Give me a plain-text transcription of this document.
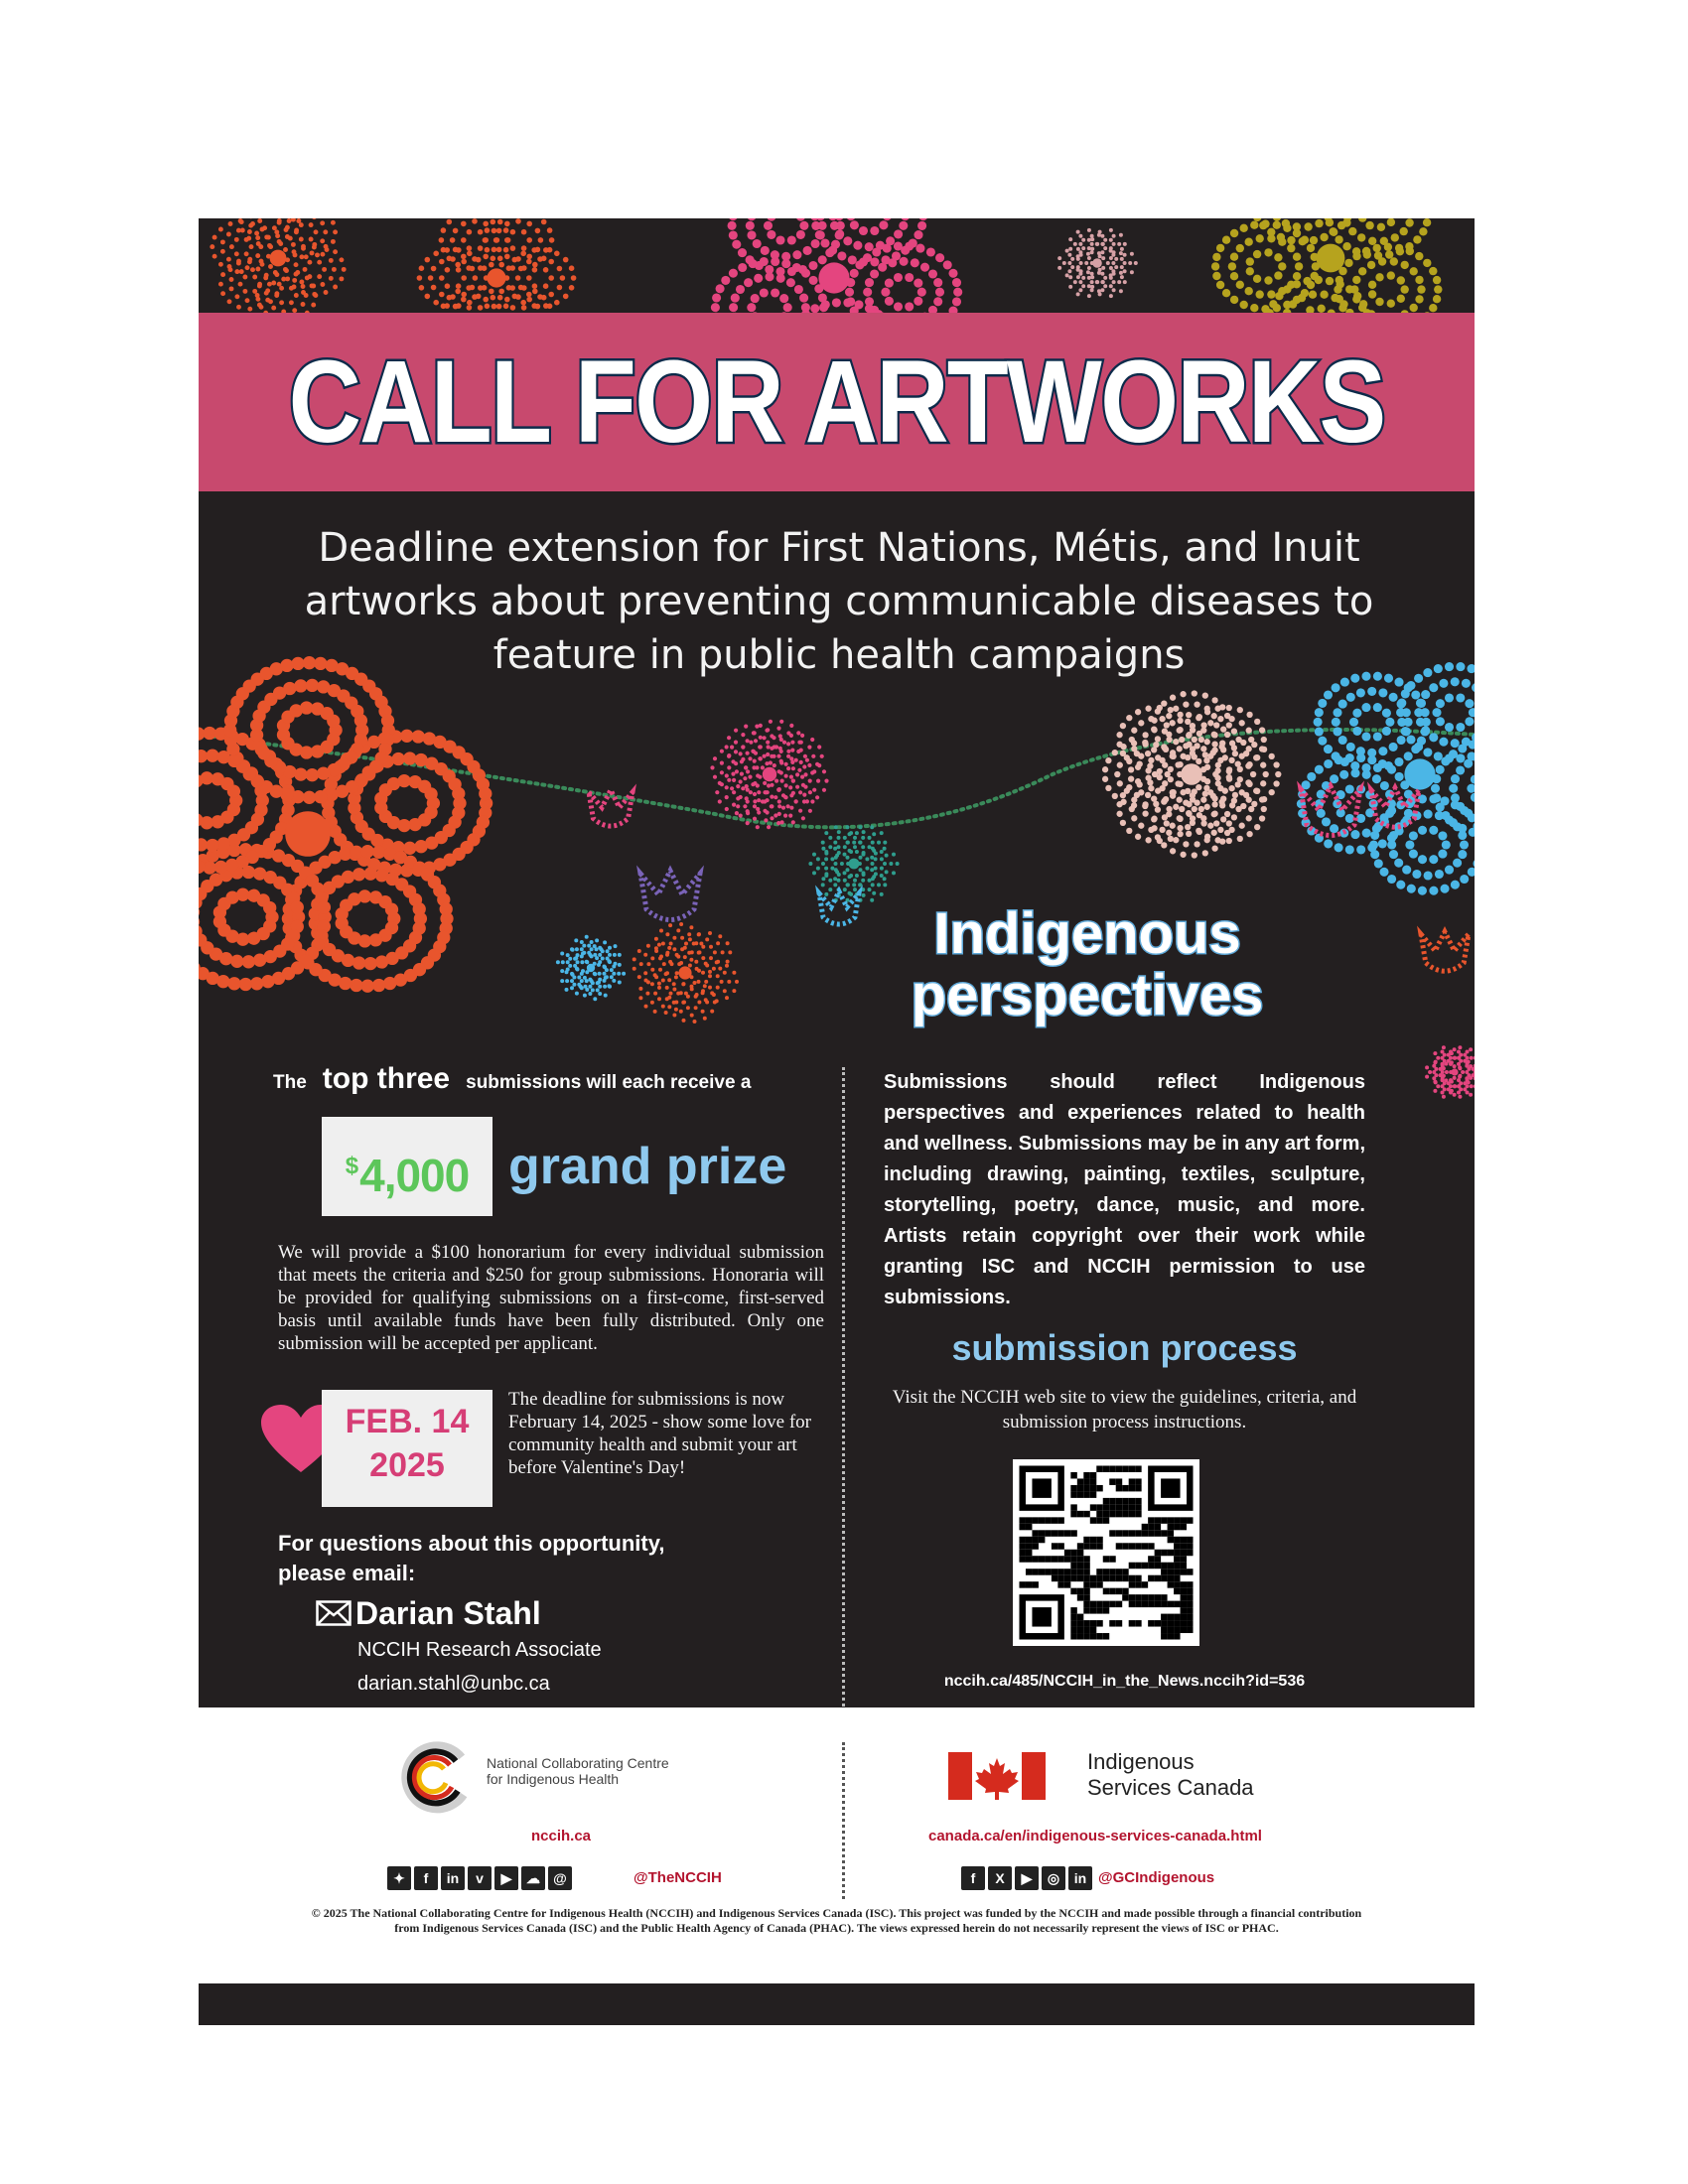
CALL FOR ARTWORKS
Deadline extension for First Nations, Métis, and Inuit artworks about preventing communicable diseases to feature in public health campaigns
Indigenous perspectives
The top three submissions will each receive a
$4,000 grand prize
We will provide a $100 honorarium for every individual submission that meets the criteria and $250 for group submissions. Honoraria will be provided for qualifying submissions on a first-come, first-served basis until available funds have been fully distributed. Only one submission will be accepted per applicant.
FEB. 14
2025
The deadline for submissions is now February 14, 2025 - show some love for community health and submit your art before Valentine's Day!
For questions about this opportunity, please email:
Darian Stahl
NCCIH Research Associate
darian.stahl@unbc.ca
Submissions should reflect Indigenous perspectives and experiences related to health and wellness. Submissions may be in any art form, including drawing, painting, textiles, sculpture, storytelling, poetry, dance, music, and more. Artists retain copyright over their work while granting ISC and NCCIH permission to use submissions.
submission process
Visit the NCCIH web site to view the guidelines, criteria, and submission process instructions.
nccih.ca/485/NCCIH_in_the_News.nccih?id=536
National Collaborating Centre
for Indigenous Health
Indigenous
Services Canada
nccih.ca	canada.ca/en/indigenous-services-canada.html
✦	f	in	v	▶	☁ @	@TheNCCIH	f	X	▶	◎	in @GCIndigenous
© 2025 The National Collaborating Centre for Indigenous Health (NCCIH) and Indigenous Services Canada (ISC). This project was funded by the NCCIH and made possible through a financial contribution from Indigenous Services Canada (ISC) and the Public Health Agency of Canada (PHAC). The views expressed herein do not necessarily represent the views of ISC or PHAC.
